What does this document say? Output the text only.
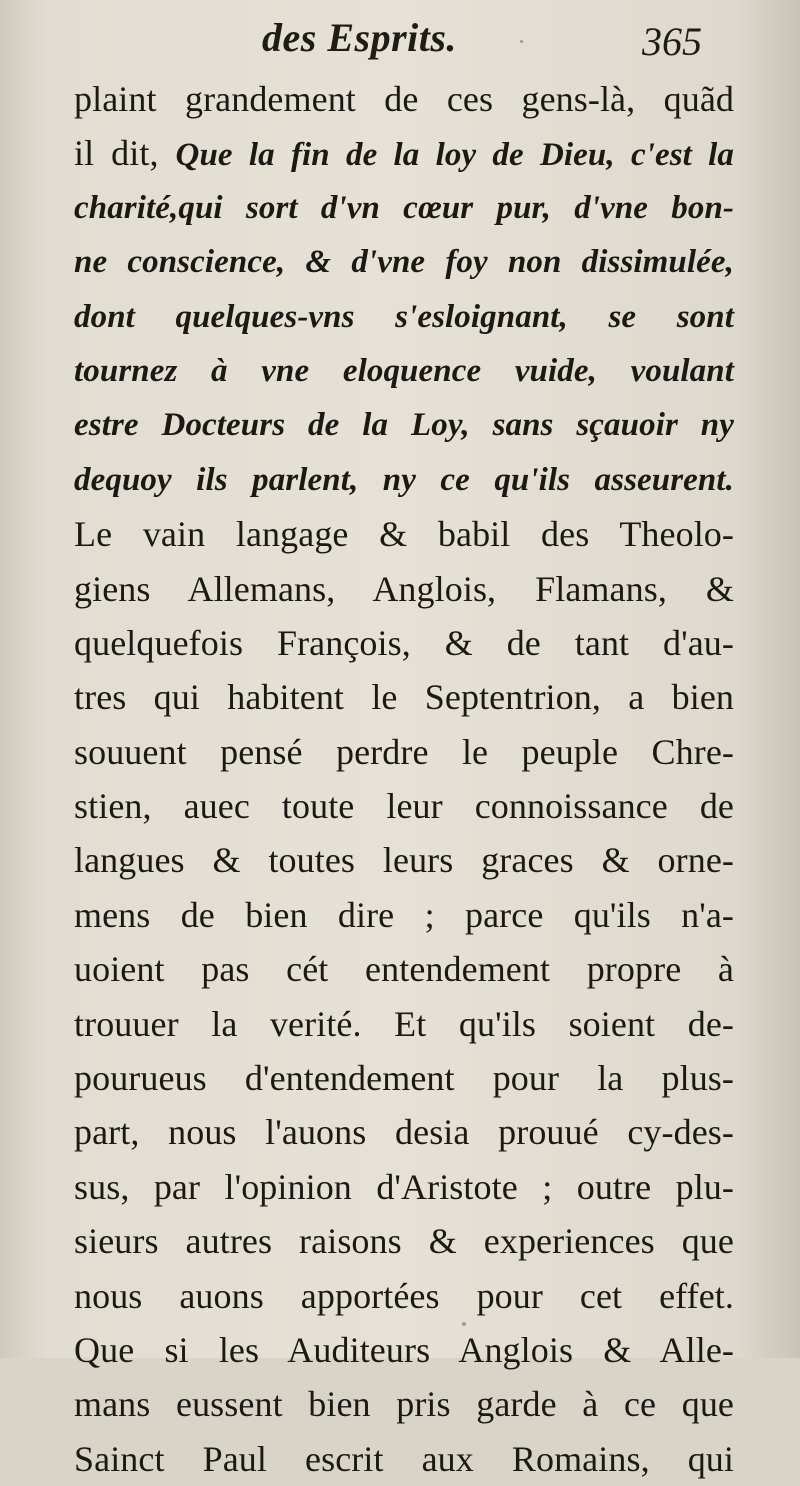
des Esprits.	365
plaint grandement de ces gens-là, quãd
il dit, Que la fin de la loy de Dieu, c'est la
charité,qui sort d'vn cœur pur, d'vne bon-
ne conscience, & d'vne foy non dissimulée,
dont quelques-vns s'esloignant, se sont
tournez à vne eloquence vuide, voulant
estre Docteurs de la Loy, sans sçauoir ny
dequoy ils parlent, ny ce qu'ils asseurent.
Le vain langage & babil des Theolo-
giens Allemans, Anglois, Flamans, &
quelquefois François, & de tant d'au-
tres qui habitent le Septentrion, a bien
souuent pensé perdre le peuple Chre-
stien, auec toute leur connoissance de
langues & toutes leurs graces & orne-
mens de bien dire ; parce qu'ils n'a-
uoient pas cét entendement propre à
trouuer la verité. Et qu'ils soient de-
pourueus d'entendement pour la plus-
part, nous l'auons desia prouué cy-des-
sus, par l'opinion d'Aristote ; outre plu-
sieurs autres raisons & experiences que
nous auons apportées pour cet effet.
Que si les Auditeurs Anglois & Alle-
mans eussent bien pris garde à ce que
Sainct Paul escrit aux Romains, qui
